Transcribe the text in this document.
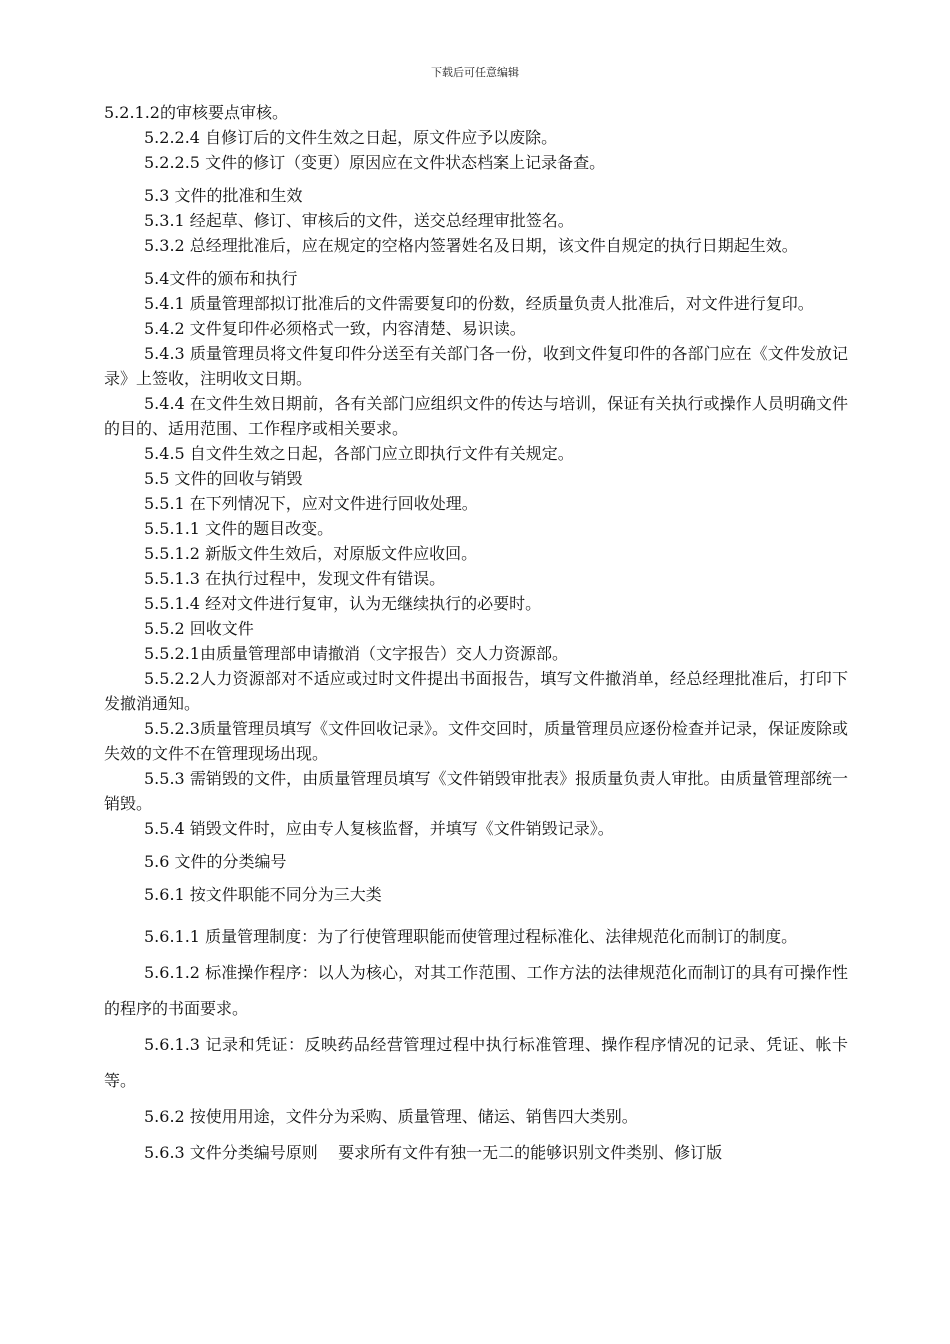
下载后可任意编辑

5.2.1.2的审核要点审核。

5.2.2.4 自修订后的文件生效之日起，原文件应予以废除。

5.2.2.5 文件的修订（变更）原因应在文件状态档案上记录备查。

5.3 文件的批准和生效

5.3.1 经起草、修订、审核后的文件，送交总经理审批签名。

5.3.2 总经理批准后，应在规定的空格内签署姓名及日期，该文件自规定的执行日期起生效。

5.4文件的颁布和执行

5.4.1 质量管理部拟订批准后的文件需要复印的份数，经质量负责人批准后，对文件进行复印。

5.4.2 文件复印件必须格式一致，内容清楚、易识读。

5.4.3 质量管理员将文件复印件分送至有关部门各一份，收到文件复印件的各部门应在《文件发放记录》上签收，注明收文日期。

5.4.4 在文件生效日期前，各有关部门应组织文件的传达与培训，保证有关执行或操作人员明确文件的目的、适用范围、工作程序或相关要求。

5.4.5 自文件生效之日起，各部门应立即执行文件有关规定。

5.5 文件的回收与销毁

5.5.1 在下列情况下，应对文件进行回收处理。

5.5.1.1 文件的题目改变。

5.5.1.2 新版文件生效后，对原版文件应收回。

5.5.1.3 在执行过程中，发现文件有错误。

5.5.1.4 经对文件进行复审，认为无继续执行的必要时。

5.5.2 回收文件

5.5.2.1由质量管理部申请撤消（文字报告）交人力资源部。

5.5.2.2人力资源部对不适应或过时文件提出书面报告，填写文件撤消单，经总经理批准后，打印下发撤消通知。

5.5.2.3质量管理员填写《文件回收记录》。文件交回时，质量管理员应逐份检查并记录，保证废除或失效的文件不在管理现场出现。

5.5.3 需销毁的文件，由质量管理员填写《文件销毁审批表》报质量负责人审批。由质量管理部统一销毁。

5.5.4 销毁文件时，应由专人复核监督，并填写《文件销毁记录》。

5.6 文件的分类编号

5.6.1 按文件职能不同分为三大类

5.6.1.1 质量管理制度：为了行使管理职能而使管理过程标准化、法律规范化而制订的制度。

5.6.1.2 标准操作程序：以人为核心，对其工作范围、工作方法的法律规范化而制订的具有可操作性的程序的书面要求。

5.6.1.3 记录和凭证：反映药品经营管理过程中执行标准管理、操作程序情况的记录、凭证、帐卡等。

5.6.2 按使用用途，文件分为采购、质量管理、储运、销售四大类别。

5.6.3 文件分类编号原则    要求所有文件有独一无二的能够识别文件类别、修订版
